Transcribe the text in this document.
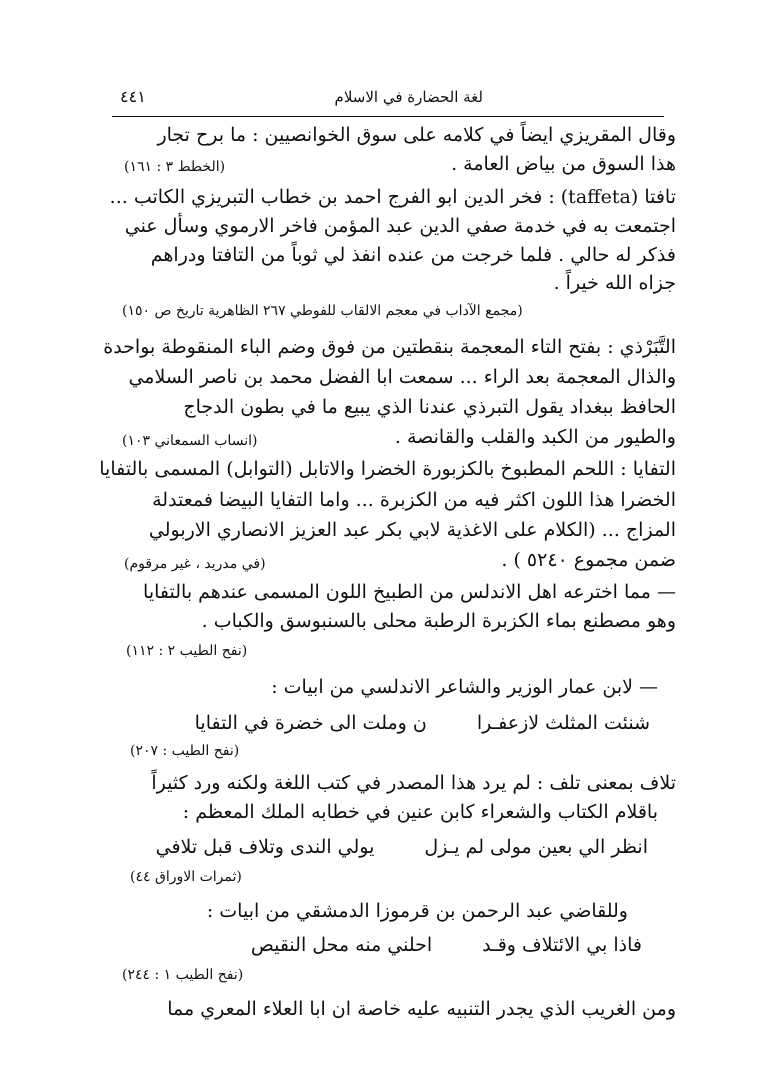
لغة الحضارة في الاسلام
٤٤١
وقال المقريزي ايضاً في كلامه على سوق الخوانصيين : ما برح تجار
هذا السوق من بياض العامة .
(الخطط ٣ : ١٦١)
تافتا (taffeta) : فخر الدين ابو الفرج احمد بن خطاب التبريزي الكاتب ...
اجتمعت به في خدمة صفي الدين عبد المؤمن فاخر الارموي وسأل عني
فذكر له حالي . فلما خرجت من عنده انفذ لي ثوباً من التافتا ودراهم
جزاه الله خيراً .
(مجمع الآداب في معجم الالقاب للفوطي ٢٦٧ الظاهرية تاريخ ص ١٥٠)
التَّبَرْذي : بفتح التاء المعجمة بنقطتين من فوق وضم الباء المنقوطة بواحدة
والذال المعجمة بعد الراء ... سمعت ابا الفضل محمد بن ناصر السلامي
الحافظ ببغداد يقول التبرذي عندنا الذي يبيع ما في بطون الدجاج
والطيور من الكبد والقلب والقانصة .
(انساب السمعاني ١٠٣)
التفايا : اللحم المطبوخ بالكزبورة الخضرا والاتابل (التوابل) المسمى بالتفايا
الخضرا هذا اللون اكثر فيه من الكزبرة ... واما التفايا البيضا فمعتدلة
المزاج ... (الكلام على الاغذية لابي بكر عبد العزيز الانصاري الاربولي
ضمن مجموع ٥٢٤٠ ) .
(في مدريد ، غير مرقوم)
— مما اخترعه اهل الاندلس من الطبيخ اللون المسمى عندهم بالتفايا
وهو مصطنع بماء الكزبرة الرطبة محلى بالسنبوسق والكباب .
(نفح الطيب ٢ : ١١٢)
— لابن عمار الوزير والشاعر الاندلسي من ابيات :
شنئت المثلث لازعفـران وملت الى خضرة في التفايا
(نفح الطيب : ٢٠٧)
تلاف بمعنى تلف : لم يرد هذا المصدر في كتب اللغة ولكنه ورد كثيراً
باقلام الكتاب والشعراء كابن عنين في خطابه الملك المعظم :
انظر الي بعين مولى لم يـزليولي الندى وتلاف قبل تلافي
(ثمرات الاوراق ٤٤)
وللقاضي عبد الرحمن بن قرموزا الدمشقي من ابيات :
فاذا بي الائتلاف وقـداحلني منه محل النقيص
(نفح الطيب ١ : ٢٤٤)
ومن الغريب الذي يجدر التنبيه عليه خاصة ان ابا العلاء المعري مما
